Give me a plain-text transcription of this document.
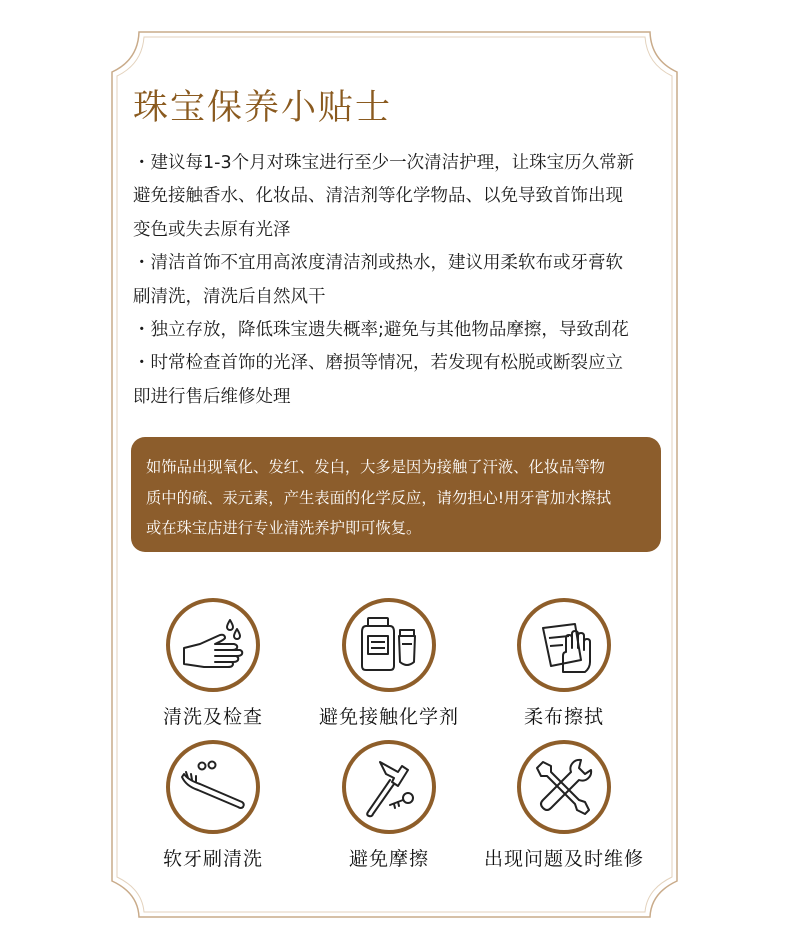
珠宝保养小贴士
・建议每1-3个月对珠宝进行至少一次清洁护理，让珠宝历久常新
避免接触香水、化妆品、清洁剂等化学物品、以免导致首饰出现
变色或失去原有光泽
・清洁首饰不宜用高浓度清洁剂或热水，建议用柔软布或牙膏软
刷清洗，清洗后自然风干
・独立存放，降低珠宝遗失概率;避免与其他物品摩擦，导致刮花
・时常检查首饰的光泽、磨损等情况，若发现有松脱或断裂应立
即进行售后维修处理
如饰品出现氧化、发红、发白，大多是因为接触了汗液、化妆品等物
质中的硫、汞元素，产生表面的化学反应，请勿担心!用牙膏加水擦拭
或在珠宝店进行专业清洗养护即可恢复。
清洗及检查	避免接触化学剂	柔布擦拭
软牙刷清洗	避免摩擦	出现问题及时维修
